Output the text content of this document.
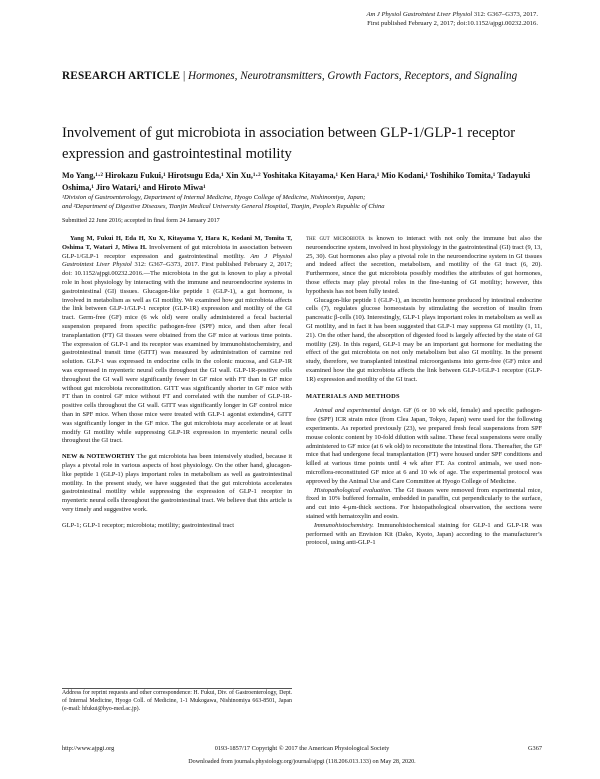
Am J Physiol Gastrointest Liver Physiol 312: G367–G373, 2017.
First published February 2, 2017; doi:10.1152/ajpgi.00232.2016.
RESEARCH ARTICLE | Hormones, Neurotransmitters, Growth Factors, Receptors, and Signaling
Involvement of gut microbiota in association between GLP-1/GLP-1 receptor expression and gastrointestinal motility
Mo Yang,¹·² Hirokazu Fukui,¹ Hirotsugu Eda,¹ Xin Xu,¹·² Yoshitaka Kitayama,¹ Ken Hara,¹ Mio Kodani,¹ Toshihiko Tomita,¹ Tadayuki Oshima,¹ Jiro Watari,¹ and Hiroto Miwa¹
¹Division of Gastroenterology, Department of Internal Medicine, Hyogo College of Medicine, Nishinomiya, Japan;
and ²Department of Digestive Diseases, Tianjin Medical University General Hospital, Tianjin, People’s Republic of China
Submitted 22 June 2016; accepted in final form 24 January 2017

Yang M, Fukui H, Eda H, Xu X, Kitayama Y, Hara K, Kodani M, Tomita T, Oshima T, Watari J, Miwa H. Involvement of gut microbiota in association between GLP-1/GLP-1 receptor expression and gastrointestinal motility. Am J Physiol Gastrointest Liver Physiol 312: G367–G373, 2017. First published February 2, 2017; doi: 10.1152/ajpgi.00232.2016.—The microbiota in the gut is known to play a pivotal role in host physiology by interacting with the immune and neuroendocrine systems in gastrointestinal (GI) tissues. Glucagon-like peptide 1 (GLP-1), a gut hormone, is involved in metabolism as well as GI motility. We examined how gut microbiota affects the link between GLP-1/GLP-1 receptor (GLP-1R) expression and motility of the GI tract. Germ-free (GF) mice (6 wk old) were orally administered a fecal bacterial suspension prepared from specific pathogen-free (SPF) mice, and then after fecal transplantation (FT) GI tissues were obtained from the GF mice at various time points. The expression of GLP-1 and its receptor was examined by immunohistochemistry, and gastrointestinal transit time (GITT) was measured by administration of carmine red solution. GLP-1 was expressed in endocrine cells in the colonic mucosa, and GLP-1R was expressed in myenteric neural cells throughout the GI wall. GLP-1R-positive cells throughout the GI wall were significantly fewer in GF mice with FT than in GF mice without gut microbiota reconstitution. GITT was significantly shorter in GF mice with FT than in control GF mice without FT and correlated with the number of GLP-1R-positive cells throughout the GI wall. GITT was significantly longer in GF control mice than in SPF mice. When those mice were treated with GLP-1 agonist extendin4, GITT was significantly longer in the GF mice. The gut microbiota may accelerate or at least modify GI motility while suppressing GLP-1R expression in myenteric neural cells throughout the GI tract.

NEW & NOTEWORTHY The gut microbiota has been intensively studied, because it plays a pivotal role in various aspects of host physiology. On the other hand, glucagon-like peptide 1 (GLP-1) plays important roles in metabolism as well as gastrointestinal motility. In the present study, we have suggested that the gut microbiota accelerates gastrointestinal motility while suppressing the expression of GLP-1 receptor in myenteric neural cells throughout the gastrointestinal tract. We believe that this article is very timely and suggestive work.

GLP-1; GLP-1 receptor; microbiota; motility; gastrointestinal tract

Address for reprint requests and other correspondence: H. Fukui, Div. of Gastroenterology, Dept. of Internal Medicine, Hyogo Coll. of Medicine, 1-1 Mukogawa, Nishinomiya 663-8501, Japan (e-mail: hfukui@hyo-med.ac.jp).

the gut microbiota is known to interact with not only the immune but also the neuroendocrine system, involved in host physiology in the gastrointestinal (GI) tract (9, 13, 25, 30). Gut hormones also play a pivotal role in the neuroendocrine system in GI tissues and indeed affect the secretion, metabolism, and motility of the GI tract (6, 20). Furthermore, since the gut microbiota possibly modifies the attributes of gut hormones, those effects may play pivotal roles in the fine-tuning of GI motility; however, this hypothesis has not been fully tested.

Glucagon-like peptide 1 (GLP-1), an incretin hormone produced by intestinal endocrine cells (7), regulates glucose homeostasis by stimulating the secretion of insulin from pancreatic β-cells (10). Interestingly, GLP-1 plays important roles in metabolism as well as GI motility, and in fact it has been suggested that GLP-1 may suppress GI motility (1, 11, 21). On the other hand, the absorption of digested food is largely affected by the state of GI motility (29). In this regard, GLP-1 may be an important gut hormone for mediating the effect of the gut microbiota on not only metabolism but also GI motility. In the present study, therefore, we transplanted intestinal microorganisms into germ-free (GF) mice and examined how the gut microbiota affects the link between GLP-1/GLP-1 receptor (GLP-1R) expression and motility of the GI tract.

MATERIALS AND METHODS

Animal and experimental design. GF (6 or 10 wk old, female) and specific pathogen-free (SPF) ICR strain mice (from Clea Japan, Tokyo, Japan) were used for the following experiments. As reported previously (23), we prepared fresh fecal suspensions from SPF mouse colonic content by 10-fold dilution with saline. These fecal suspensions were orally administered to GF mice (at 6 wk old) to reconstitute the intestinal flora. Thereafter, the GF mice that had undergone fecal transplantation (FT) were housed under SPF conditions and killed at various time points until 4 wk after FT. As control animals, we used non-microflora-reconstituted GF mice at 6 and 10 wk of age. The experimental protocol was approved by the Animal Use and Care Committee at Hyogo College of Medicine.

Histopathological evaluation. The GI tissues were removed from experimental mice, fixed in 10% buffered formalin, embedded in paraffin, cut perpendicularly to the surface, and cut into 4-μm-thick sections. For histopathological observation, the sections were stained with hematoxylin and eosin.

Immunohistochemistry. Immunohistochemical staining for GLP-1 and GLP-1R was performed with an Envision Kit (Dako, Kyoto, Japan) according to the manufacturer’s protocol, using anti-GLP-1

http://www.ajpgi.org	0193-1857/17 Copyright © 2017 the American Physiological Society	G367
Downloaded from journals.physiology.org/journal/ajpgi (118.206.013.133) on May 28, 2020.
